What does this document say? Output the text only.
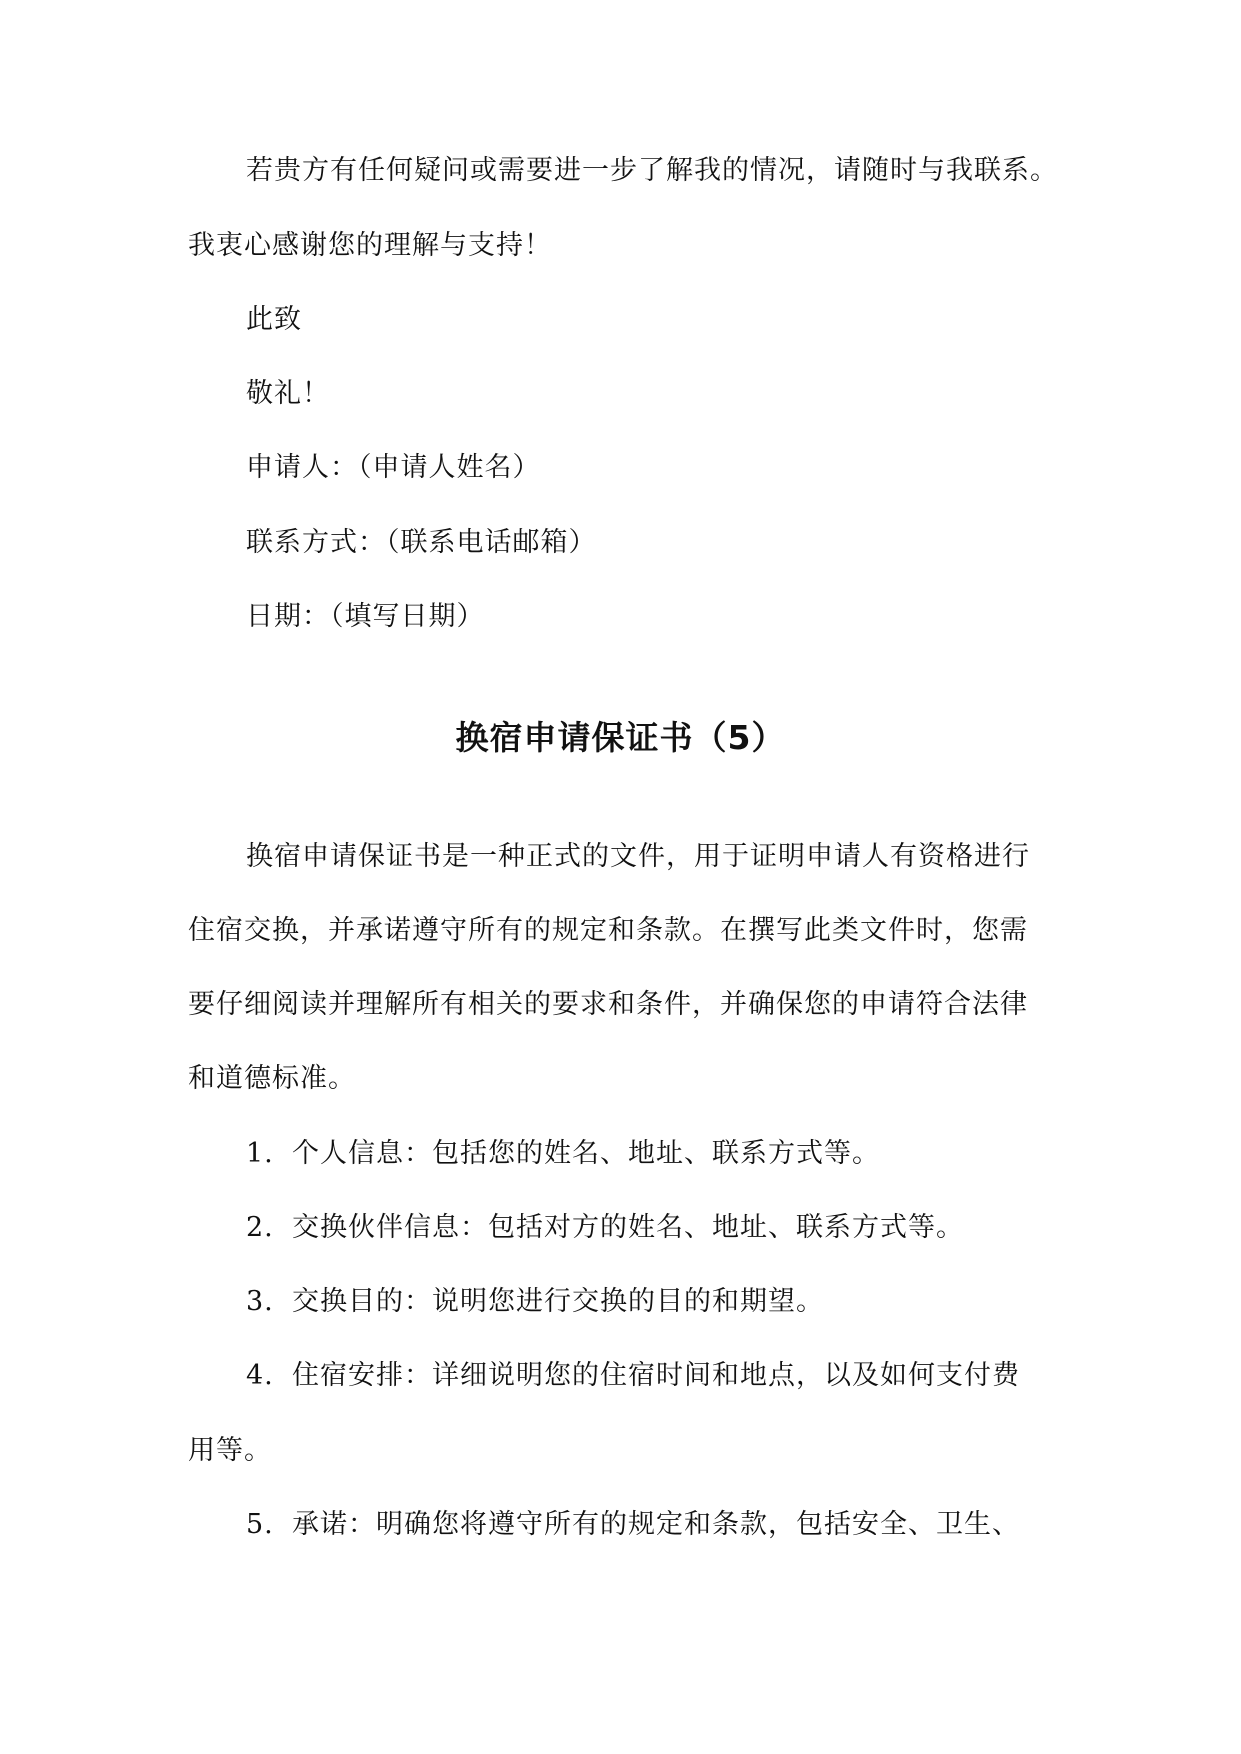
若贵方有任何疑问或需要进一步了解我的情况，请随时与我联系。
我衷心感谢您的理解与支持！
此致
敬礼！
申请人：（申请人姓名）
联系方式：（联系电话邮箱）
日期：（填写日期）
换宿申请保证书（5）
换宿申请保证书是一种正式的文件，用于证明申请人有资格进行
住宿交换，并承诺遵守所有的规定和条款。在撰写此类文件时，您需
要仔细阅读并理解所有相关的要求和条件，并确保您的申请符合法律
和道德标准。
1. 个人信息：包括您的姓名、地址、联系方式等。
2. 交换伙伴信息：包括对方的姓名、地址、联系方式等。
3. 交换目的：说明您进行交换的目的和期望。
4. 住宿安排：详细说明您的住宿时间和地点，以及如何支付费
用等。
5. 承诺：明确您将遵守所有的规定和条款，包括安全、卫生、
